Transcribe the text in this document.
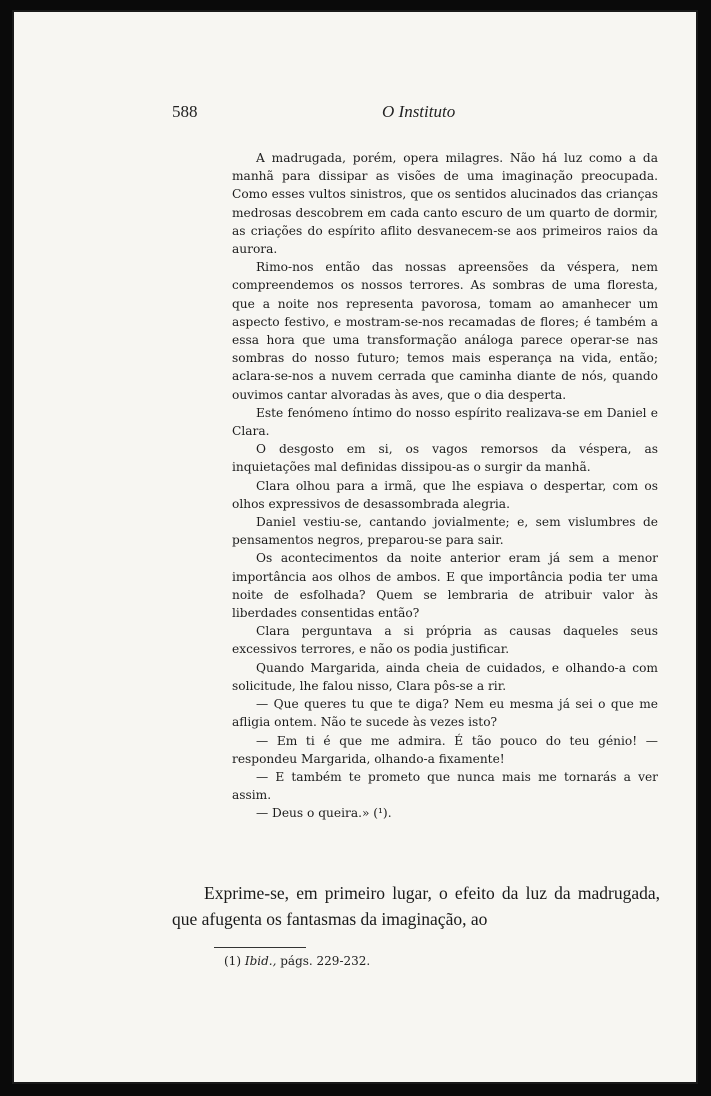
588	O Instituto

A madrugada, porém, opera milagres. Não há luz como a da manhã para dissipar as visões de uma imaginação preocupada. Como esses vultos sinistros, que os sentidos alucinados das crianças medrosas descobrem em cada canto escuro de um quarto de dormir, as criações do espírito aflito desvanecem-se aos primeiros raios da aurora.

Rimo-nos então das nossas apreensões da véspera, nem compreendemos os nossos terrores. As sombras de uma floresta, que a noite nos representa pavorosa, tomam ao amanhecer um aspecto festivo, e mostram-se-nos recamadas de flores; é também a essa hora que uma transformação análoga parece operar-se nas sombras do nosso futuro; temos mais esperança na vida, então; aclara-se-nos a nuvem cerrada que caminha diante de nós, quando ouvimos cantar alvoradas às aves, que o dia desperta.

Este fenómeno íntimo do nosso espírito realizava-se em Daniel e Clara.

O desgosto em si, os vagos remorsos da véspera, as inquietações mal definidas dissipou-as o surgir da manhã.

Clara olhou para a irmã, que lhe espiava o despertar, com os olhos expressivos de desassombrada alegria.

Daniel vestiu-se, cantando jovialmente; e, sem vislumbres de pensamentos negros, preparou-se para sair.

Os acontecimentos da noite anterior eram já sem a menor importância aos olhos de ambos. E que importância podia ter uma noite de esfolhada? Quem se lembraria de atribuir valor às liberdades consentidas então?

Clara perguntava a si própria as causas daqueles seus excessivos terrores, e não os podia justificar.

Quando Margarida, ainda cheia de cuidados, e olhando-a com solicitude, lhe falou nisso, Clara pôs-se a rir.

— Que queres tu que te diga? Nem eu mesma já sei o que me afligia ontem. Não te sucede às vezes isto?

— Em ti é que me admira. É tão pouco do teu génio! — respondeu Margarida, olhando-a fixamente!

— E também te prometo que nunca mais me tornarás a ver assim.

— Deus o queira.» (¹).

Exprime-se, em primeiro lugar, o efeito da luz da madrugada, que afugenta os fantasmas da imaginação, ao
(1) Ibid., págs. 229-232.
